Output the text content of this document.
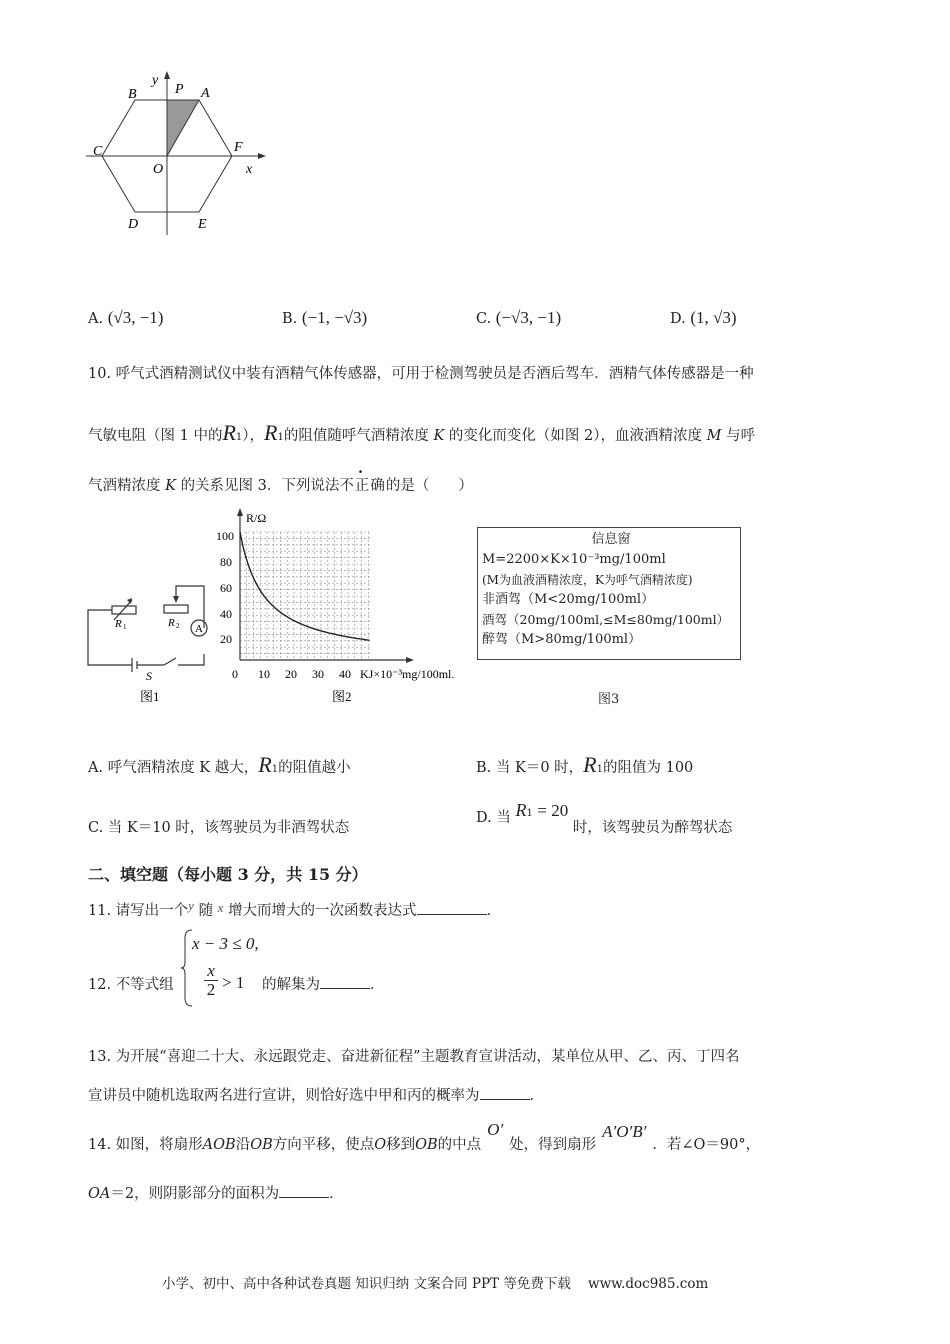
y
P A
B
C
O
F
x
D	E
A. (√3, −1)	B. (−1, −√3)	C. (−√3, −1)	D. (1, √3)
10. 呼气式酒精测试仪中装有酒精气体传感器，可用于检测驾驶员是否酒后驾车．酒精气体传感器是一种
气敏电阻（图 1 中的R1），R1的阻值随呼气酒精浓度 K 的变化而变化（如图 2），血液酒精浓度 M 与呼
气酒精浓度 K 的关系见图 3．下列说法不正确的是（　　）
A
R 1	R 2
S
图1
R/Ω
100
80
60
40
20
0 10 20 30 40 KJ×10⁻³mg/100ml.
图2
信息窗
M=2200×K×10⁻³mg/100ml
(M为血液酒精浓度，K为呼气酒精浓度)
非酒驾（M<20mg/100ml）
酒驾（20mg/100ml,≤M≤80mg/100ml）
醉驾（M>80mg/100ml）
图3
A. 呼气酒精浓度 K 越大，R1的阻值越小	B. 当 K＝0 时，R1的阻值为 100
C. 当 K＝10 时，该驾驶员为非酒驾状态
D. 当 $R^1 = 20$ 时，该驾驶员为醉驾状态
二、填空题（每小题 3 分，共 15 分）
11. 请写出一个y 随 x 增大而增大的一次函数表达式	．
12. 不等式组
x − 3 ≤ 0,
x
2 > 1 的解集为	．
13. 为开展“喜迎二十大、永远跟党走、奋进新征程”主题教育宣讲活动，某单位从甲、乙、丙、丁四名
宣讲员中随机选取两名进行宣讲，则恰好选中甲和丙的概率为	．
14. 如图，将扇形AOB沿OB方向平移，使点O移到OB的中点O′处，得到扇形A′O′B′．若∠O＝90°，
OA＝2，则阴影部分的面积为	．
小学、初中、高中各种试卷真题 知识归纳 文案合同 PPT 等免费下载 www.doc985.com
